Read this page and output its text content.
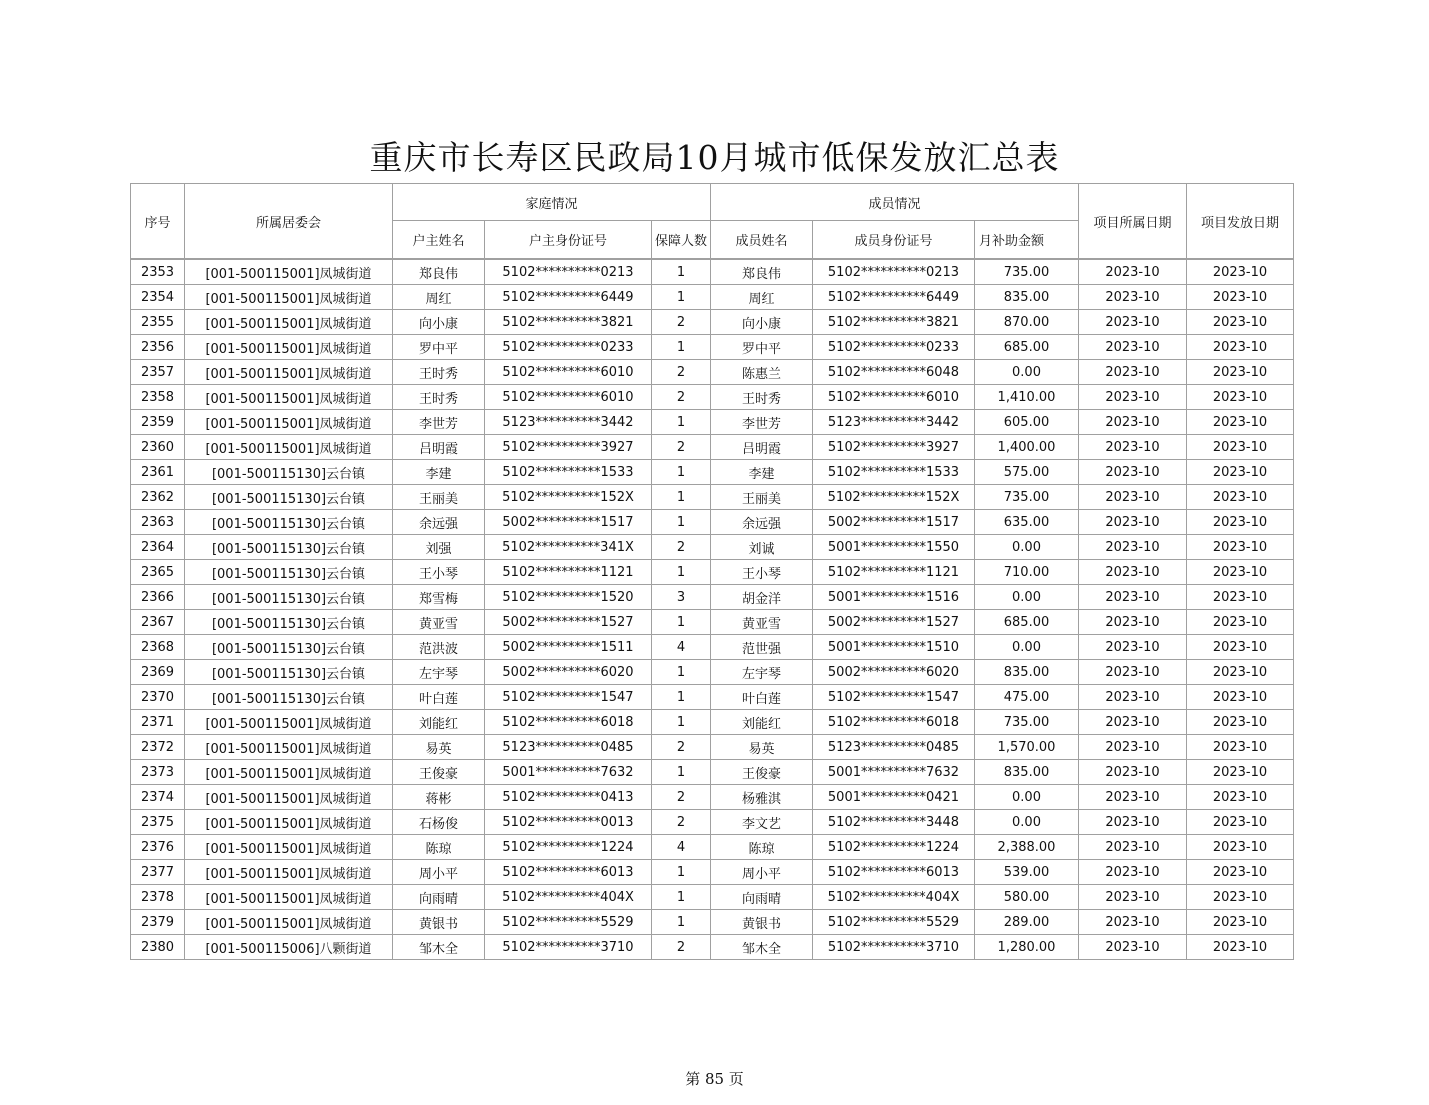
重庆市长寿区民政局10月城市低保发放汇总表
序号	所属居委会	家庭情况			成员情况			项目所属日期	项目发放日期
		户主姓名	户主身份证号	保障人数	成员姓名	成员身份证号	月补助金额		
2353	[001-500115001]凤城街道	郑良伟	5102**********0213	1	郑良伟	5102**********0213	735.00	2023-10	2023-10
2354	[001-500115001]凤城街道	周红	5102**********6449	1	周红	5102**********6449	835.00	2023-10	2023-10
2355	[001-500115001]凤城街道	向小康	5102**********3821	2	向小康	5102**********3821	870.00	2023-10	2023-10
2356	[001-500115001]凤城街道	罗中平	5102**********0233	1	罗中平	5102**********0233	685.00	2023-10	2023-10
2357	[001-500115001]凤城街道	王时秀	5102**********6010	2	陈惠兰	5102**********6048	0.00	2023-10	2023-10
2358	[001-500115001]凤城街道	王时秀	5102**********6010	2	王时秀	5102**********6010	1,410.00	2023-10	2023-10
2359	[001-500115001]凤城街道	李世芳	5123**********3442	1	李世芳	5123**********3442	605.00	2023-10	2023-10
2360	[001-500115001]凤城街道	吕明霞	5102**********3927	2	吕明霞	5102**********3927	1,400.00	2023-10	2023-10
2361	[001-500115130]云台镇	李建	5102**********1533	1	李建	5102**********1533	575.00	2023-10	2023-10
2362	[001-500115130]云台镇	王丽美	5102**********152X	1	王丽美	5102**********152X	735.00	2023-10	2023-10
2363	[001-500115130]云台镇	余远强	5002**********1517	1	余远强	5002**********1517	635.00	2023-10	2023-10
2364	[001-500115130]云台镇	刘强	5102**********341X	2	刘诚	5001**********1550	0.00	2023-10	2023-10
2365	[001-500115130]云台镇	王小琴	5102**********1121	1	王小琴	5102**********1121	710.00	2023-10	2023-10
2366	[001-500115130]云台镇	郑雪梅	5102**********1520	3	胡金洋	5001**********1516	0.00	2023-10	2023-10
2367	[001-500115130]云台镇	黄亚雪	5002**********1527	1	黄亚雪	5002**********1527	685.00	2023-10	2023-10
2368	[001-500115130]云台镇	范洪波	5002**********1511	4	范世强	5001**********1510	0.00	2023-10	2023-10
2369	[001-500115130]云台镇	左宇琴	5002**********6020	1	左宇琴	5002**********6020	835.00	2023-10	2023-10
2370	[001-500115130]云台镇	叶白莲	5102**********1547	1	叶白莲	5102**********1547	475.00	2023-10	2023-10
2371	[001-500115001]凤城街道	刘能红	5102**********6018	1	刘能红	5102**********6018	735.00	2023-10	2023-10
2372	[001-500115001]凤城街道	易英	5123**********0485	2	易英	5123**********0485	1,570.00	2023-10	2023-10
2373	[001-500115001]凤城街道	王俊豪	5001**********7632	1	王俊豪	5001**********7632	835.00	2023-10	2023-10
2374	[001-500115001]凤城街道	蒋彬	5102**********0413	2	杨雅淇	5001**********0421	0.00	2023-10	2023-10
2375	[001-500115001]凤城街道	石杨俊	5102**********0013	2	李文艺	5102**********3448	0.00	2023-10	2023-10
2376	[001-500115001]凤城街道	陈琼	5102**********1224	4	陈琼	5102**********1224	2,388.00	2023-10	2023-10
2377	[001-500115001]凤城街道	周小平	5102**********6013	1	周小平	5102**********6013	539.00	2023-10	2023-10
2378	[001-500115001]凤城街道	向雨晴	5102**********404X	1	向雨晴	5102**********404X	580.00	2023-10	2023-10
2379	[001-500115001]凤城街道	黄银书	5102**********5529	1	黄银书	5102**********5529	289.00	2023-10	2023-10
2380	[001-500115006]八颗街道	邹木全	5102**********3710	2	邹木全	5102**********3710	1,280.00	2023-10	2023-10
第 85 页
